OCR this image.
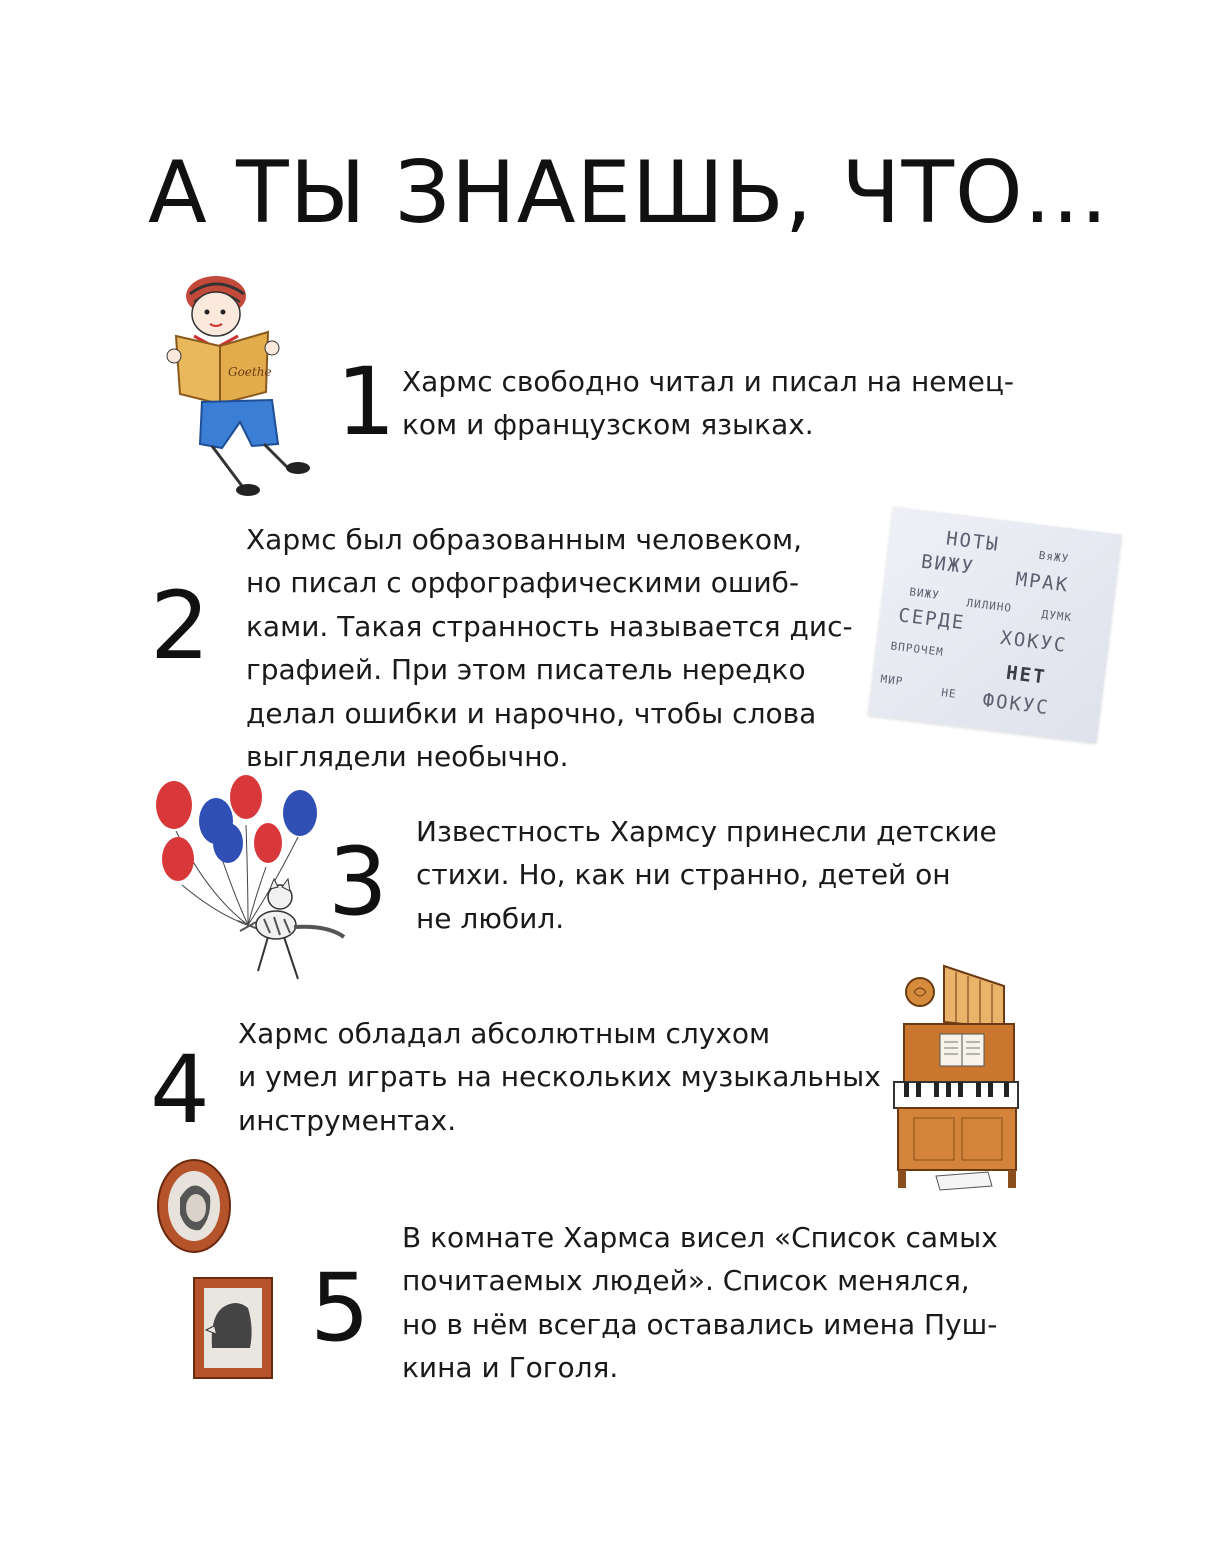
А ТЫ ЗНАЕШЬ, ЧТО...
Goethe 1 Хармс свободно читал и писал на немец-
ком и французском языках.
2
Хармс был образованным человеком,
но писал с орфографическими ошиб-
ками. Такая странность называется дис-
графией. При этом писатель нередко
делал ошибки и нарочно, чтобы слова
выглядели необычно.
НОТЫ
ВяЖУ
ВИЖУ
МРАК
ВИЖУ
ЛИЛИНО
ДУМК
СЕРДЕ
ХОКУС
ВПРОЧЕМ
НЕТ
МИР
НЕ ФОКУС
3 Известность Хармсу принесли детские
стихи. Но, как ни странно, детей он
не любил.
4
Хармс обладал абсолютным слухом
и умел играть на нескольких музыкальных
инструментах.
5
В комнате Хармса висел «Список самых
почитаемых людей». Список менялся,
но в нём всегда оставались имена Пуш-
кина и Гоголя.
